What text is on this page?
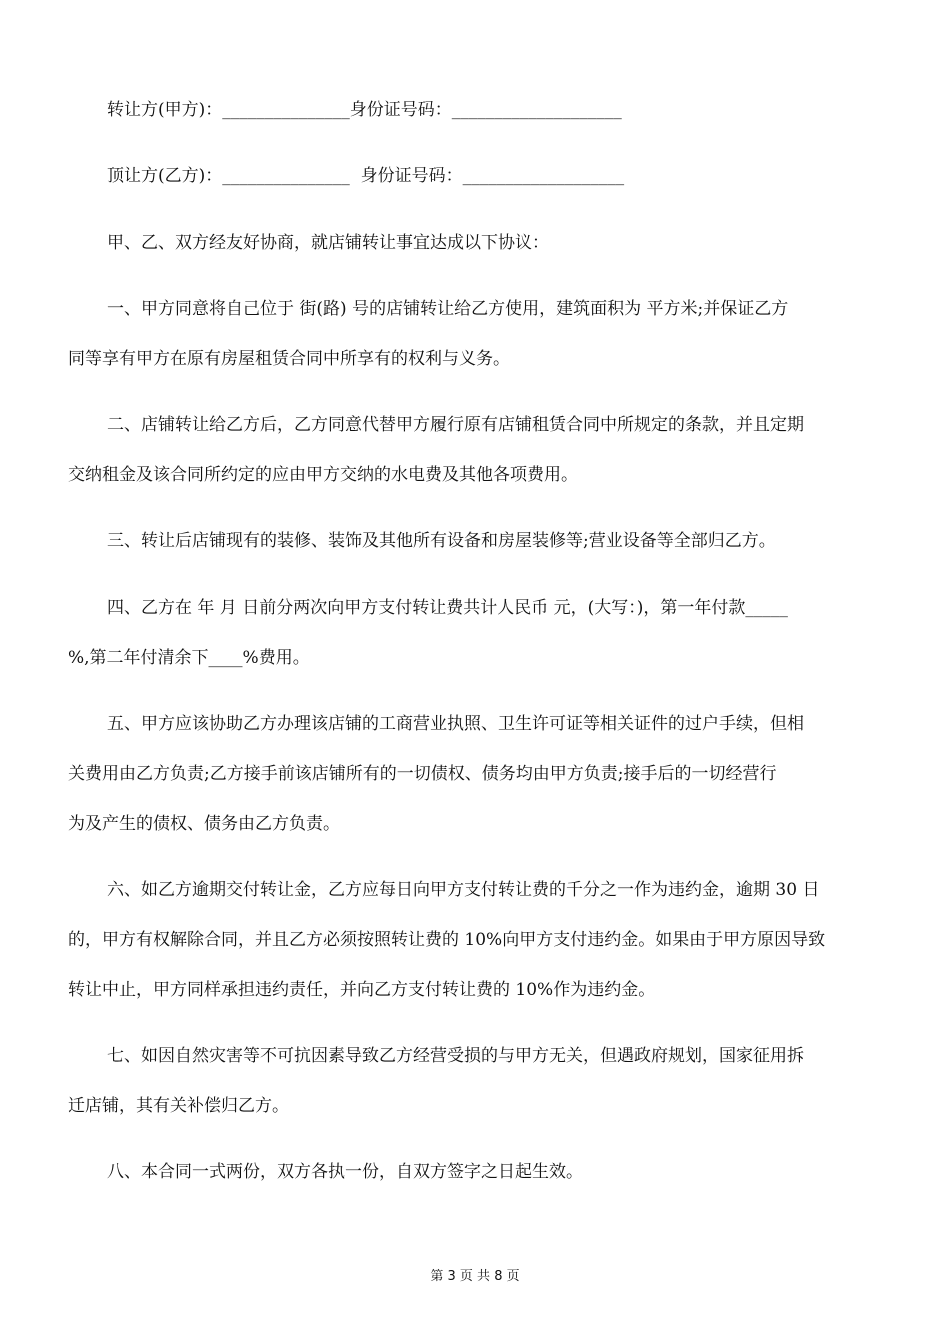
转让方(甲方)：_______________身份证号码：____________________
顶让方(乙方)：_______________  身份证号码：___________________
甲、乙、双方经友好协商，就店铺转让事宜达成以下协议：
一、甲方同意将自己位于 街(路) 号的店铺转让给乙方使用，建筑面积为 平方米;并保证乙方
同等享有甲方在原有房屋租赁合同中所享有的权利与义务。
二、店铺转让给乙方后，乙方同意代替甲方履行原有店铺租赁合同中所规定的条款，并且定期
交纳租金及该合同所约定的应由甲方交纳的水电费及其他各项费用。
三、转让后店铺现有的装修、装饰及其他所有设备和房屋装修等;营业设备等全部归乙方。
四、乙方在 年 月 日前分两次向甲方支付转让费共计人民币 元，(大写：)，第一年付款_____
%,第二年付清余下____%费用。
五、甲方应该协助乙方办理该店铺的工商营业执照、卫生许可证等相关证件的过户手续，但相
关费用由乙方负责;乙方接手前该店铺所有的一切债权、债务均由甲方负责;接手后的一切经营行
为及产生的债权、债务由乙方负责。
六、如乙方逾期交付转让金，乙方应每日向甲方支付转让费的千分之一作为违约金，逾期 30 日
的，甲方有权解除合同，并且乙方必须按照转让费的 10%向甲方支付违约金。如果由于甲方原因导致
转让中止，甲方同样承担违约责任，并向乙方支付转让费的 10%作为违约金。
七、如因自然灾害等不可抗因素导致乙方经营受损的与甲方无关，但遇政府规划，国家征用拆
迁店铺，其有关补偿归乙方。
八、本合同一式两份，双方各执一份，自双方签字之日起生效。
第 3 页 共 8 页
